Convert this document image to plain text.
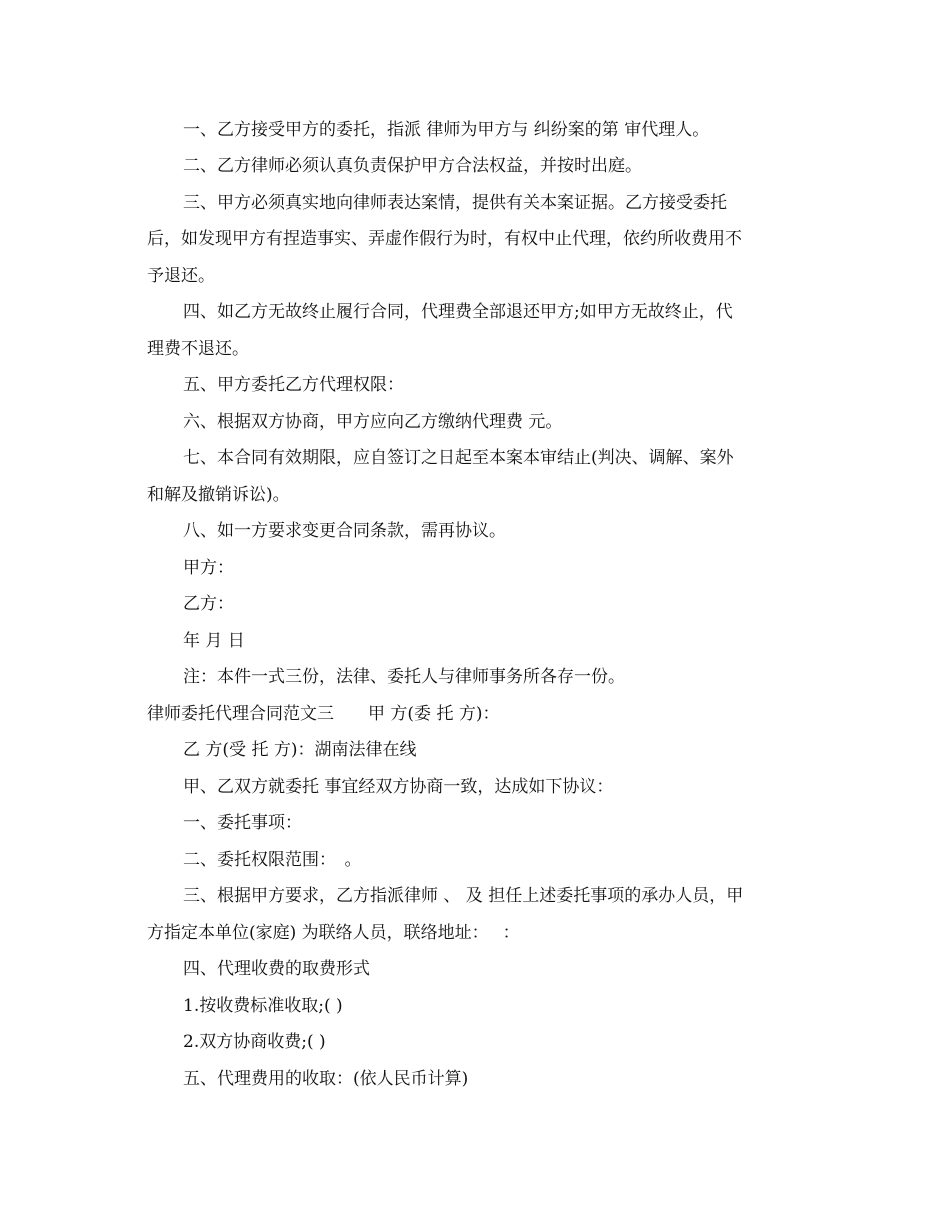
一、乙方接受甲方的委托，指派 律师为甲方与 纠纷案的第 审代理人。
二、乙方律师必须认真负责保护甲方合法权益，并按时出庭。
三、甲方必须真实地向律师表达案情，提供有关本案证据。乙方接受委托
后，如发现甲方有捏造事实、弄虚作假行为时，有权中止代理，依约所收费用不
予退还。
四、如乙方无故终止履行合同，代理费全部退还甲方;如甲方无故终止，代
理费不退还。
五、甲方委托乙方代理权限：
六、根据双方协商，甲方应向乙方缴纳代理费 元。
七、本合同有效期限，应自签订之日起至本案本审结止(判决、调解、案外
和解及撤销诉讼)。
八、如一方要求变更合同条款，需再协议。
甲方：
乙方：
年 月 日
注：本件一式三份，法律、委托人与律师事务所各存一份。
律师委托代理合同范文三　　甲 方(委 托 方)：
乙 方(受 托 方)：湖南法律在线
甲、乙双方就委托 事宜经双方协商一致，达成如下协议：
一、委托事项：
二、委托权限范围：　。
三、根据甲方要求，乙方指派律师 、 及 担任上述委托事项的承办人员，甲
方指定本单位(家庭) 为联络人员，联络地址：　 ：
四、代理收费的取费形式
1.按收费标准收取;( )
2.双方协商收费;( )
五、代理费用的收取：(依人民币计算)
